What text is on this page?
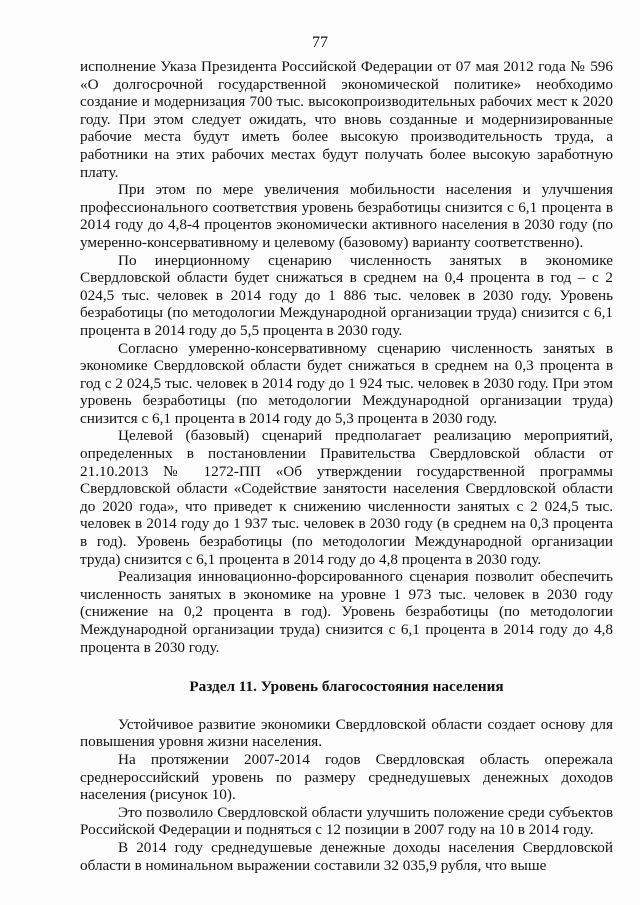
77

исполнение Указа Президента Российской Федерации от 07 мая 2012 года № 596 «О долгосрочной государственной экономической политике» необходимо создание и модернизация 700 тыс. высокопроизводительных рабочих мест к 2020 году. При этом следует ожидать, что вновь созданные и модернизированные рабочие места будут иметь более высокую производительность труда, а работники на этих рабочих местах будут получать более высокую заработную плату.

При этом по мере увеличения мобильности населения и улучшения профессионального соответствия уровень безработицы снизится с 6,1 процента в 2014 году до 4,8-4 процентов экономически активного населения в 2030 году (по умеренно-консервативному и целевому (базовому) варианту соответственно).

По инерционному сценарию численность занятых в экономике Свердловской области будет снижаться в среднем на 0,4 процента в год – с 2 024,5 тыс. человек в 2014 году до 1 886 тыс. человек в 2030 году. Уровень безработицы (по методологии Международной организации труда) снизится с 6,1 процента в 2014 году до 5,5 процента в 2030 году.

Согласно умеренно-консервативному сценарию численность занятых в экономике Свердловской области будет снижаться в среднем на 0,3 процента в год с 2 024,5 тыс. человек в 2014 году до 1 924 тыс. человек в 2030 году. При этом уровень безработицы (по методологии Международной организации труда) снизится с 6,1 процента в 2014 году до 5,3 процента в 2030 году.

Целевой (базовый) сценарий предполагает реализацию мероприятий, определенных в постановлении Правительства Свердловской области от 21.10.2013 № 1272-ПП «Об утверждении государственной программы Свердловской области «Содействие занятости населения Свердловской области до 2020 года», что приведет к снижению численности занятых с 2 024,5 тыс. человек в 2014 году до 1 937 тыс. человек в 2030 году (в среднем на 0,3 процента в год). Уровень безработицы (по методологии Международной организации труда) снизится с 6,1 процента в 2014 году до 4,8 процента в 2030 году.

Реализация инновационно-форсированного сценария позволит обеспечить численность занятых в экономике на уровне 1 973 тыс. человек в 2030 году (снижение на 0,2 процента в год). Уровень безработицы (по методологии Международной организации труда) снизится с 6,1 процента в 2014 году до 4,8 процента в 2030 году.

Раздел 11. Уровень благосостояния населения

Устойчивое развитие экономики Свердловской области создает основу для повышения уровня жизни населения.

На протяжении 2007-2014 годов Свердловская область опережала среднероссийский уровень по размеру среднедушевых денежных доходов населения (рисунок 10).

Это позволило Свердловской области улучшить положение среди субъектов Российской Федерации и подняться с 12 позиции в 2007 году на 10 в 2014 году.

В 2014 году среднедушевые денежные доходы населения Свердловской области в номинальном выражении составили 32 035,9 рубля, что выше
